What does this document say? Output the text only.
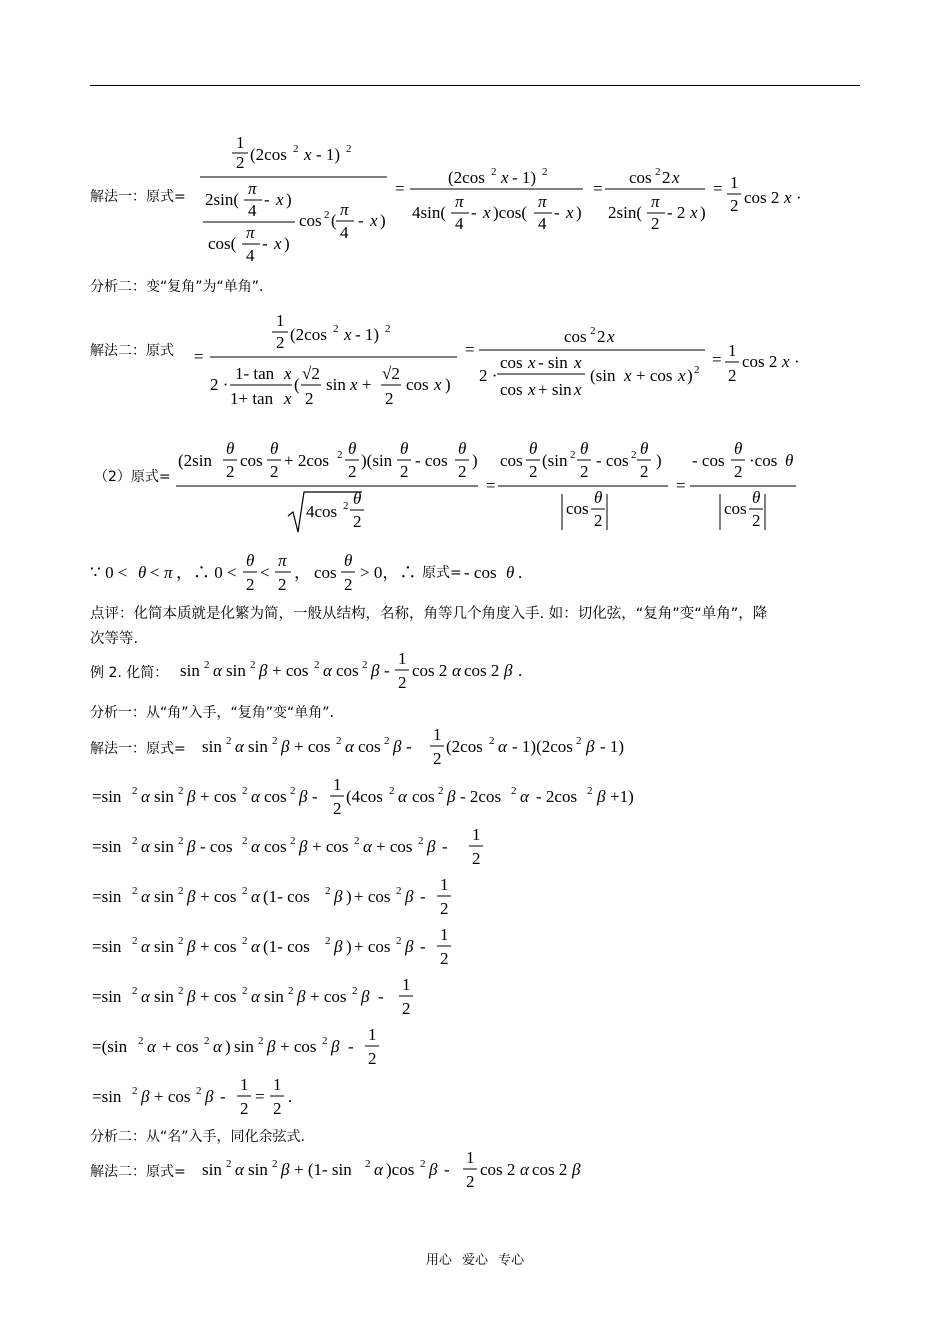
解法一：原式=
1
2 (2cos 2 x - 1) 2
2sin(
π
4
- x )
cos(
π
4
- x )
cos 2 (
π
4
- x )
=
(2cos 2 x - 1) 2
4sin(
π
4
- x )cos(
π
4
- x )
=
cos 2 2 x
2sin(
π
2
- 2 x )
= 1
2 cos 2 x ·
分析二：变“复角”为“单角”.
解法二：原式 =
1
2 (2cos 2 x - 1) 2
2 ·
1- tan x
1+ tan x
(
√2
2
sin x +
√2
2
cos x )
=
cos 2 2 x
2 ·
cos x - sin x
cos x + sin x
(sin x + cos x ) 2
= 1
2
cos 2 x ·
（2）原式=
(2sin
θ
2
cos
θ
2
+ 2cos 2 θ
2
)(sin
θ
2
- cos
θ
2
)
4cos 2 θ
2
=
cos
θ
2
(sin 2 θ
2
- cos 2 θ
2
)
cos
θ
2
=
- cos
θ
2
·cos θ
cos
θ
2
∵ 0 < θ < π ，∴ 0 <
θ
2
<
π
2
， cos
θ
2
> 0，∴ 原式= - cos θ .
点评：化简本质就是化繁为简，一般从结构，名称，角等几个角度入手. 如：切化弦，“复角”变“单角”，降
次等等.
例 2. 化简： sin 2 α sin 2 β + cos 2 α cos 2 β -
1
2
cos 2 α cos 2 β .
分析一：从“角”入手，“复角”变“单角”.
解法一：原式= sin 2 α sin 2 β + cos 2 α cos 2 β -
1
2
(2cos 2 α - 1)(2cos 2 β - 1)
=sin 2 α sin 2 β + cos 2 α cos 2 β -
1
2
(4cos 2 α cos 2 β - 2cos 2 α - 2cos 2 β +1)
=sin 2 α sin 2 β - cos 2 α cos 2 β + cos 2 α + cos 2 β -
1
2
=sin 2 α sin 2 β + cos 2 α (1- cos 2 β ) + cos 2 β -
1
2
=sin 2 α sin 2 β + cos 2 α (1- cos 2 β ) + cos 2 β -
1
2
=sin 2 α sin 2 β + cos 2 α sin 2 β + cos 2 β -
1
2
=(sin 2 α + cos 2 α ) sin 2 β + cos 2 β -
1
2
=sin 2 β + cos 2 β -
1
2
=
1
2
.
分析二：从“名”入手，同化余弦式.
解法二：原式= sin 2 α sin 2 β + (1- sin 2 α )cos 2 β -
1
2
cos 2 α cos 2 β
用心 爱心 专心
